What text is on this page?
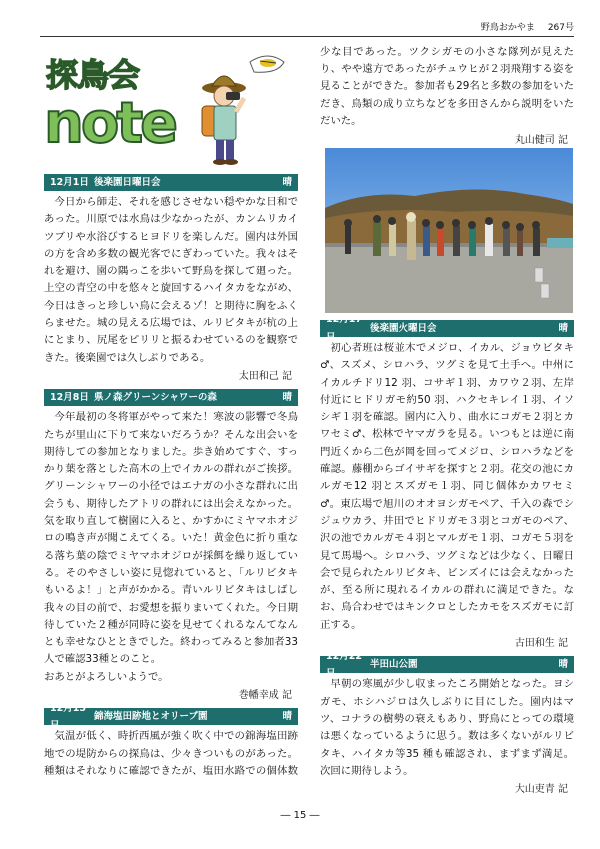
野鳥おかやま 267号
探鳥会
note
12月1日 後楽園日曜日会	晴

今日から師走、それを感じさせない穏やかな日和であった。川原では水鳥は少なかったが、カンムリカイツブリや水浴びするヒヨドリを楽しんだ。園内は外国の方を含め多数の観光客でにぎわっていた。我々はそれを避け、園の隅っこを歩いて野鳥を探して廻った。上空の青空の中を悠々と旋回するハイタカをながめ、今日はきっと珍しい鳥に会えるゾ！と期待に胸をふくらませた。城の見える広場では、ルリビタキが杭の上にとまり、尻尾をピリリと振るわせているのを観察できた。後楽園では久しぶりである。

太田和己 記
12月8日 県ノ森グリーンシャワーの森	晴

今年最初の冬将軍がやって来た！寒波の影響で冬鳥たちが里山に下りて来ないだろうか？そんな出会いを期待しての参加となりました。歩き始めてすぐ、すっかり葉を落とした高木の上でイカルの群れがご挨拶。グリーンシャワーの小径ではエナガの小さな群れに出会うも、期待したアトリの群れには出会えなかった。気を取り直して樹園に入ると、かすかにミヤマホオジロの鳴き声が聞こえてくる。いた！黄金色に折り重なる落ち葉の陰でミヤマホオジロが採餌を繰り返している。そのやさしい姿に見惚れていると、「ルリビタキもいるよ！」と声がかかる。青いルリビタキはしばし我々の目の前で、お愛想を振りまいてくれた。今日期待していた２種が同時に姿を見せてくれるなんてなんとも幸せなひとときでした。終わってみると参加者33人で確認33種とのこと。

おあとがよろしいようで。

巻幡幸成 記
12月15日
錦海塩田跡地とオリーブ園	晴

気温が低く、時折西風が強く吹く中での錦海塩田跡地での堤防からの探鳥は、少々きついものがあった。種類はそれなりに確認できたが、塩田水路での個体数

少な目であった。ツクシガモの小さな隊列が見えたり、やや遠方であったがチュウヒが２羽飛翔する姿を見ることができた。参加者も29名と多数の参加をいただき、鳥類の成り立ちなどを多田さんから説明をいただいた。

丸山健司 記
12月17日
後楽園火曜日会	晴

初心者班は桜並木でメジロ、イカル、ジョウビタキ♂、スズメ、シロハラ、ツグミを見て土手へ。中州にイカルチドリ12 羽、コサギ１羽、カワウ２羽、左岸付近にヒドリガモ約50 羽、ハクセキレイ１羽、イソシギ１羽を確認。園内に入り、曲水にコガモ２羽とカワセミ♂、松林でヤマガラを見る。いつもとは逆に南門近くから二色が岡を回ってメジロ、シロハラなどを確認。藤棚からゴイサギを探すと２羽。花交の池にカルガモ12 羽とスズガモ１羽、同じ個体かカワセミ♂。東広場で旭川のオオヨシガモペア、千入の森でシジュウカラ、井田でヒドリガモ３羽とコガモのペア、沢の池でカルガモ４羽とマルガモ１羽、コガモ５羽を見て馬場へ。シロハラ、ツグミなどは少なく、日曜日会で見られたルリビタキ、ビンズイには会えなかったが、至る所に現れるイカルの群れに満足できた。なお、鳥合わせではキンクロとしたカモをスズガモに訂正する。

古田和生 記
12月22日
半田山公園	晴

早朝の寒風が少し収まったころ開始となった。ヨシガモ、ホシハジロは久しぶりに目にした。園内はマツ、コナラの樹勢の衰えもあり、野鳥にとっての環境は悪くなっているように思う。数は多くないがルリビタキ、ハイタカ等35 種も確認され、まずまず満足。次回に期待しよう。

大山吏青 記
― 15 ―
